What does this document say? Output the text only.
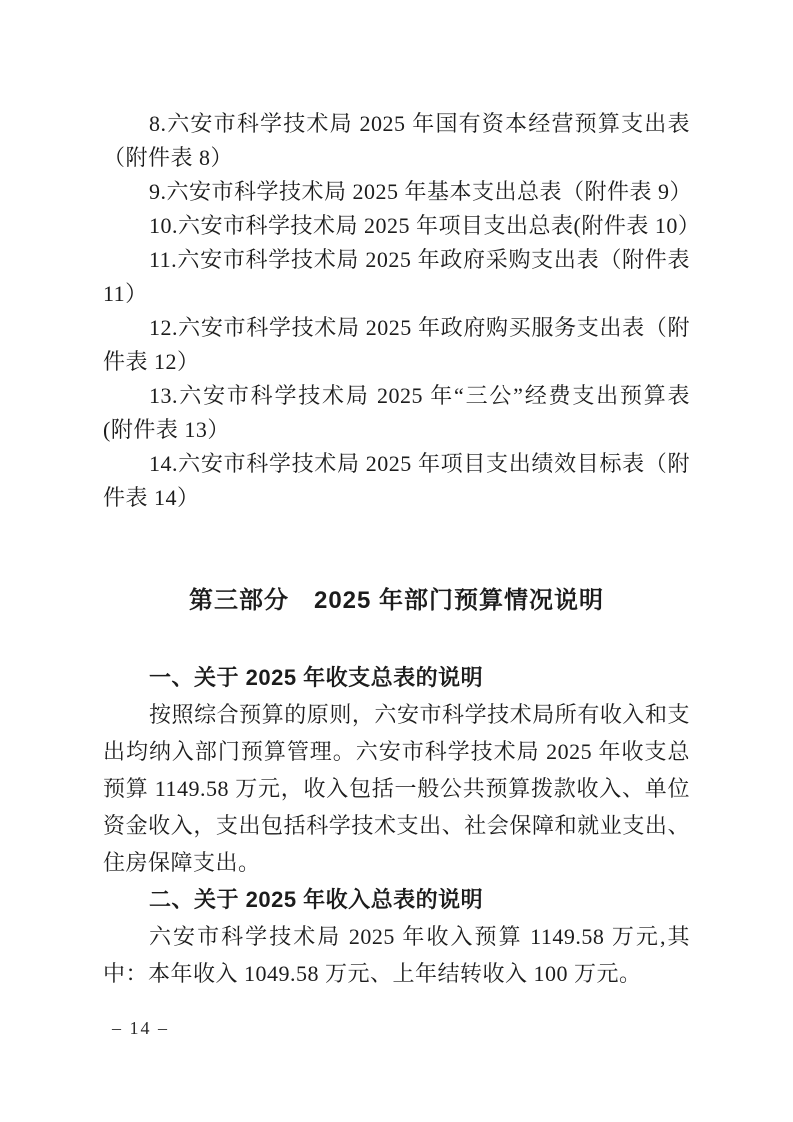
8.六安市科学技术局 2025 年国有资本经营预算支出表（附件表 8）

9.六安市科学技术局 2025 年基本支出总表（附件表 9）

10.六安市科学技术局 2025 年项目支出总表(附件表 10）

11.六安市科学技术局 2025 年政府采购支出表（附件表 11）

12.六安市科学技术局 2025 年政府购买服务支出表（附件表 12）

13.六安市科学技术局 2025 年“三公”经费支出预算表(附件表 13）

14.六安市科学技术局 2025 年项目支出绩效目标表（附件表 14）

第三部分　2025 年部门预算情况说明
一、关于 2025 年收支总表的说明

按照综合预算的原则，六安市科学技术局所有收入和支出均纳入部门预算管理。六安市科学技术局 2025 年收支总预算 1149.58 万元，收入包括一般公共预算拨款收入、单位资金收入，支出包括科学技术支出、社会保障和就业支出、住房保障支出。

二、关于 2025 年收入总表的说明

六安市科学技术局 2025 年收入预算 1149.58 万元,其中：本年收入 1049.58 万元、上年结转收入 100 万元。

– 14 –
